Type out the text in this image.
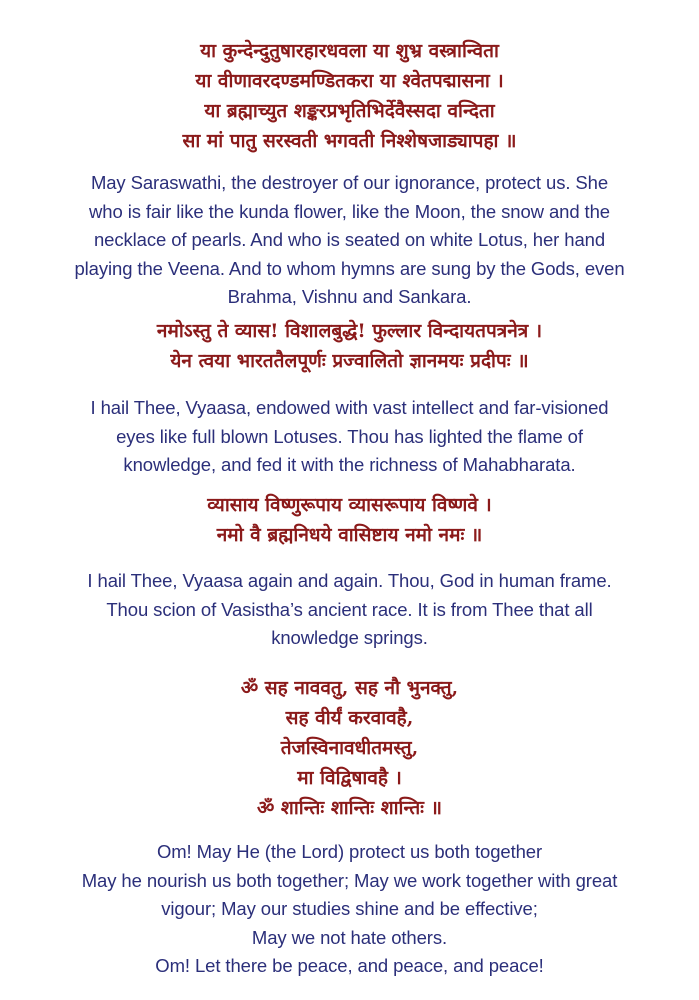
या कुन्देन्दुतुषारहारधवला या शुभ्र वस्त्रान्विता
या वीणावरदण्डमण्डितकरा या श्वेतपद्मासना ।
या ब्रह्माच्युत शङ्करप्रभृतिभिर्देवैस्सदा वन्दिता
सा मां पातु सरस्वती भगवती निश्शेषजाड्यापहा ॥
May Saraswathi, the destroyer of our ignorance, protect us. She
who is fair like the kunda flower, like the Moon, the snow and the
necklace of pearls. And who is seated on white Lotus, her hand
playing the Veena. And to whom hymns are sung by the Gods, even
Brahma, Vishnu and Sankara.
नमोऽस्तु ते व्यास! विशालबुद्धे! फुल्लार विन्दायतपत्रनेत्र ।
येन त्वया भारततैलपूर्णः प्रज्वालितो ज्ञानमयः प्रदीपः ॥
I hail Thee, Vyaasa, endowed with vast intellect and far-visioned
eyes like full blown Lotuses. Thou has lighted the flame of
knowledge, and fed it with the richness of Mahabharata.
व्यासाय विष्णुरूपाय व्यासरूपाय विष्णवे ।
नमो वै ब्रह्मनिधये वासिष्टाय नमो नमः ॥
I hail Thee, Vyaasa again and again. Thou, God in human frame.
Thou scion of Vasistha’s ancient race. It is from Thee that all
knowledge springs.
ॐ सह नाववतु, सह नौ भुनक्तु,
सह वीर्यं करवावहै,
तेजस्विनावधीतमस्तु,
मा विद्विषावहै ।
ॐ शान्तिः शान्तिः शान्तिः ॥
Om! May He (the Lord) protect us both together
May he nourish us both together; May we work together with great
vigour; May our studies shine and be effective;
May we not hate others.
Om! Let there be peace, and peace, and peace!
